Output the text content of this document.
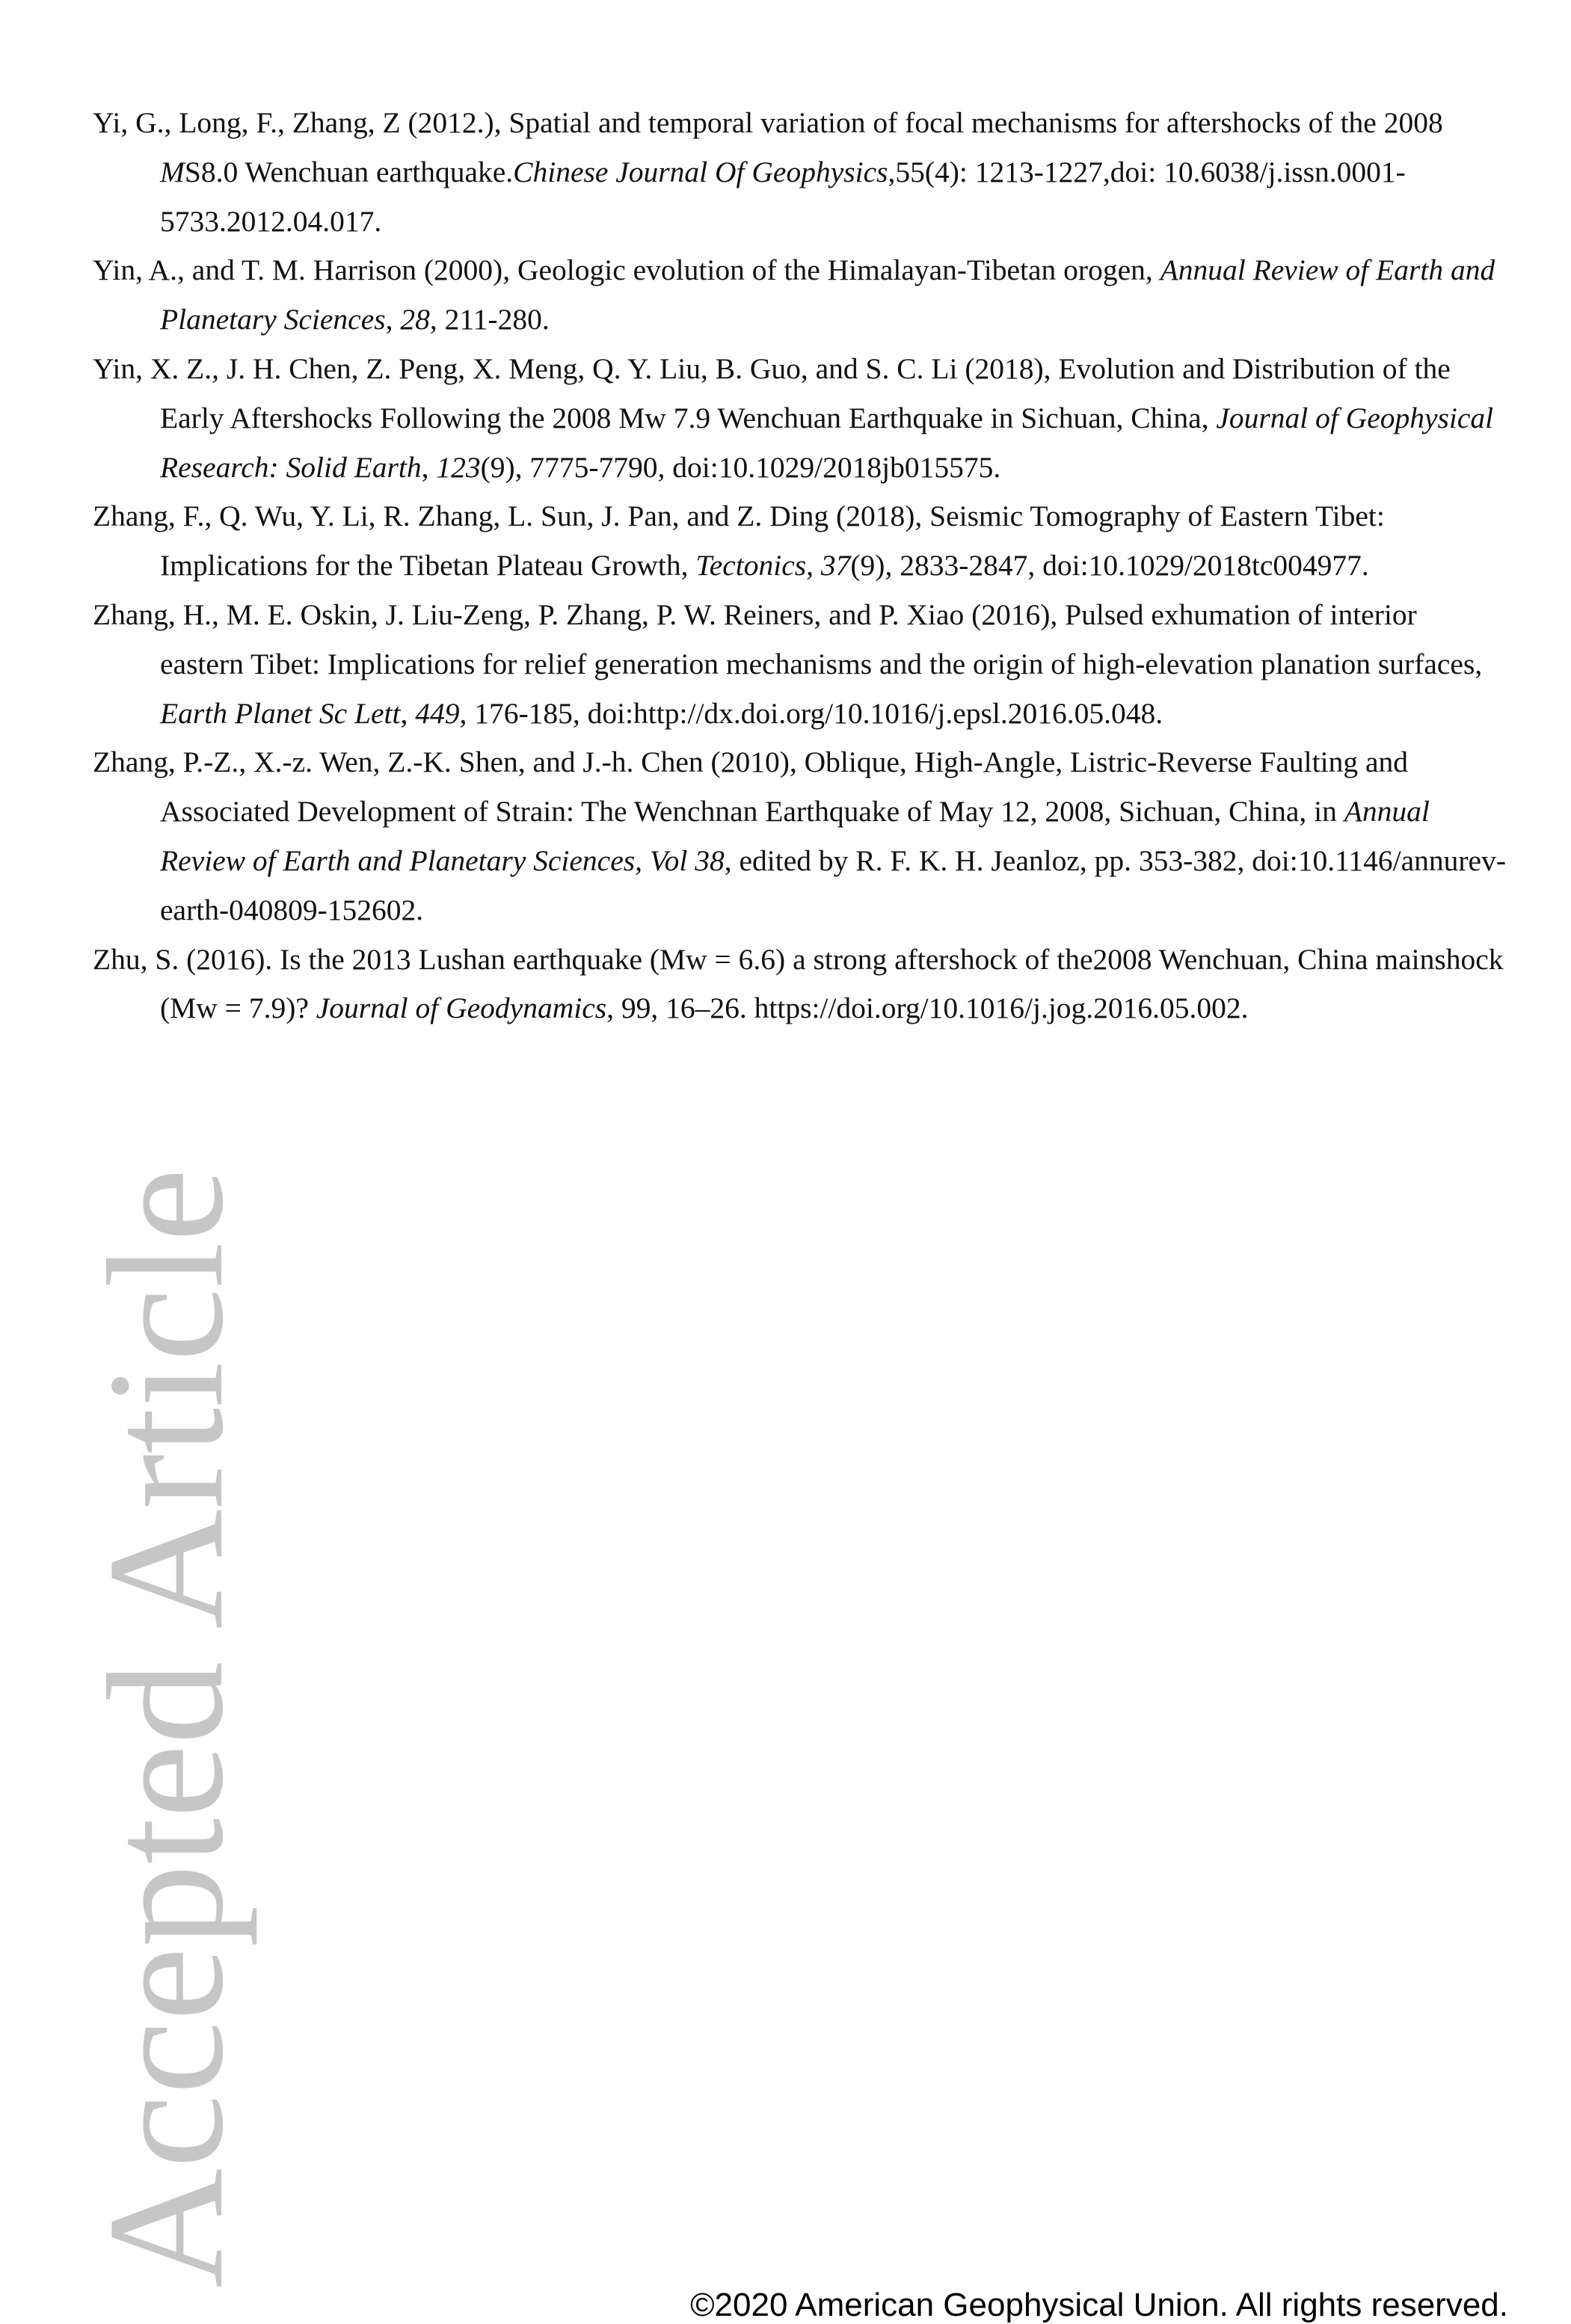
Accepted Article
Yi, G., Long, F., Zhang, Z (2012.), Spatial and temporal variation of focal mechanisms for aftershocks of the 2008 MS8.0 Wenchuan earthquake.Chinese Journal Of Geophysics,55(4): 1213-1227,doi: 10.6038/j.issn.0001-5733.2012.04.017.
Yin, A., and T. M. Harrison (2000), Geologic evolution of the Himalayan-Tibetan orogen, Annual Review of Earth and Planetary Sciences, 28, 211-280.
Yin, X. Z., J. H. Chen, Z. Peng, X. Meng, Q. Y. Liu, B. Guo, and S. C. Li (2018), Evolution and Distribution of the Early Aftershocks Following the 2008 Mw 7.9 Wenchuan Earthquake in Sichuan, China, Journal of Geophysical Research: Solid Earth, 123(9), 7775-7790, doi:10.1029/2018jb015575.
Zhang, F., Q. Wu, Y. Li, R. Zhang, L. Sun, J. Pan, and Z. Ding (2018), Seismic Tomography of Eastern Tibet: Implications for the Tibetan Plateau Growth, Tectonics, 37(9), 2833-2847, doi:10.1029/2018tc004977.
Zhang, H., M. E. Oskin, J. Liu-Zeng, P. Zhang, P. W. Reiners, and P. Xiao (2016), Pulsed exhumation of interior eastern Tibet: Implications for relief generation mechanisms and the origin of high-elevation planation surfaces, Earth Planet Sc Lett, 449, 176-185, doi:http://dx.doi.org/10.1016/j.epsl.2016.05.048.
Zhang, P.-Z., X.-z. Wen, Z.-K. Shen, and J.-h. Chen (2010), Oblique, High-Angle, Listric-Reverse Faulting and Associated Development of Strain: The Wenchnan Earthquake of May 12, 2008, Sichuan, China, in Annual Review of Earth and Planetary Sciences, Vol 38, edited by R. F. K. H. Jeanloz, pp. 353-382, doi:10.1146/annurev-earth-040809-152602.
Zhu, S. (2016). Is the 2013 Lushan earthquake (Mw = 6.6) a strong aftershock of the2008 Wenchuan, China mainshock (Mw = 7.9)? Journal of Geodynamics, 99, 16–26. https://doi.org/10.1016/j.jog.2016.05.002.
©2020 American Geophysical Union. All rights reserved.
